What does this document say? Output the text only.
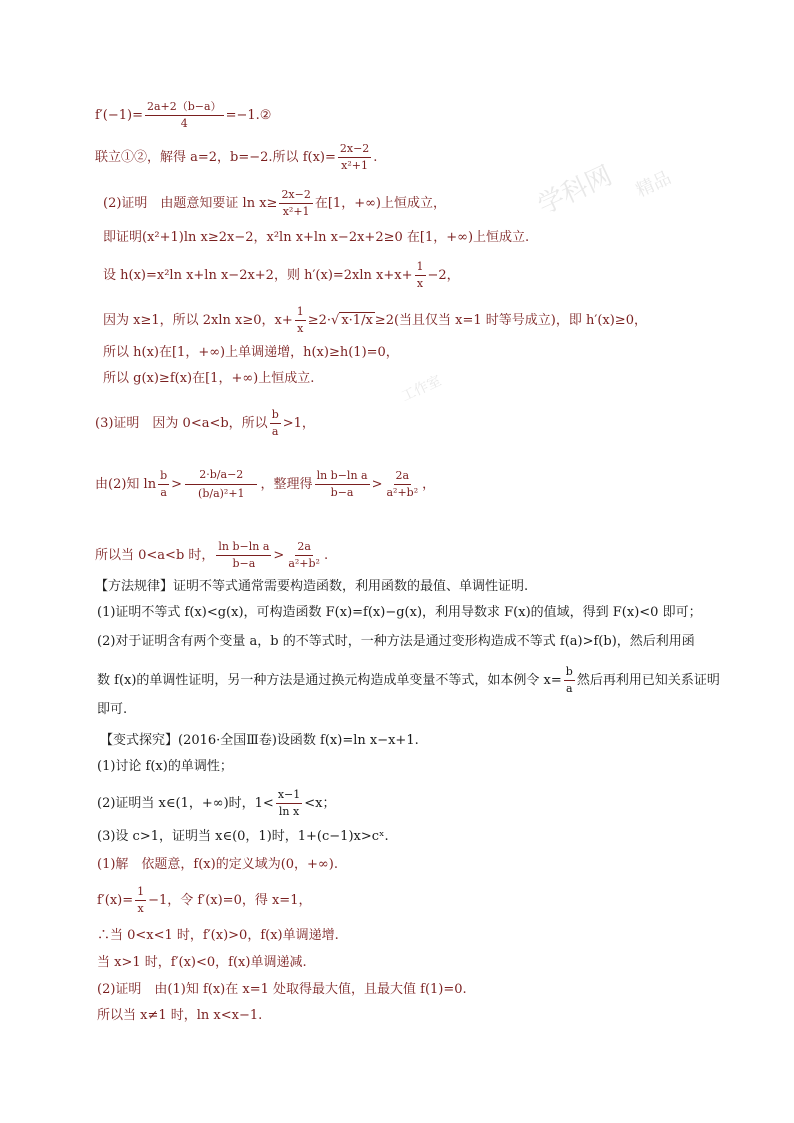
学科网 精品
工作室
$f'(-1)= \frac{2a+2(b-a)}{4}$ =−1.②
联立①②，解得 a=2，b=−2.所以 $f(x)= \frac{2x-2}{\text{x²+1}}$ .
(2)证明　由题意知要证 $\ln x\ge \frac{2x-2}{\text{x²+1}}$ 在[1，+∞)上恒成立，
即证明(x²+1)ln x≥2x−2，x²ln x+ln x−2x+2≥0 在[1，+∞)上恒成立.
设 h(x)=x²ln x+ln x−2x+2，则 h′(x)=2xln $x+x+ \frac{1}{x} -2$，
因为 x≥1，所以 2xln x≥0，$x+ \frac{1}{x} \ge 2\cdot√$ x·1/x ≥2(当且仅当 x=1 时等号成立)，即 h′(x)≥0，
所以 h(x)在[1，+∞)上单调递增，h(x)≥h(1)=0，
所以 g(x)≥f(x)在[1，+∞)上恒成立.
(3)证明　因为 0<a<b，所以 $\frac{b}{a} >1$，
由(2)知 $\ln \frac{b}{a} > \frac{2\cdot b/a-2}{\text{(b/a)²+1}}$ ，整理得 $\frac{\text{ln b−ln a}}{b-a} > \frac{2a}{\text{a²+b²}}$ ，
所以当 0<a<b 时， $\frac{\text{ln b−ln a}}{b-a} > \frac{2a}{\text{a²+b²}}$ .
【方法规律】证明不等式通常需要构造函数，利用函数的最值、单调性证明.
(1)证明不等式 f(x)<g(x)，可构造函数 F(x)=f(x)−g(x)，利用导数求 F(x)的值域，得到 F(x)<0 即可；
(2)对于证明含有两个变量 a，b 的不等式时，一种方法是通过变形构造成不等式 f(a)>f(b)，然后利用函
数 f(x)的单调性证明，另一种方法是通过换元构造成单变量不等式，如本例令 $x= \frac{b}{a}$ 然后再利用已知关系证明
即可.
【变式探究】(2016·全国Ⅲ卷)设函数 f(x)=ln x−x+1.
(1)讨论 f(x)的单调性；
(2)证明当 x∈(1，+∞)时，$1< \frac{x-1}{\text{ln x}} <x$；
(3)设 c>1，证明当 x∈(0，1)时，1+(c−1)x>cˣ.
(1)解　依题意，f(x)的定义域为(0，+∞).
$f'(x)= \frac{1}{x} -1$，令 f′(x)=0，得 x=1，
∴当 0<x<1 时，f′(x)>0，f(x)单调递增.
当 x>1 时，f′(x)<0，f(x)单调递减.
(2)证明　由(1)知 f(x)在 x=1 处取得最大值，且最大值 f(1)=0.
所以当 x≠1 时，ln x<x−1.
